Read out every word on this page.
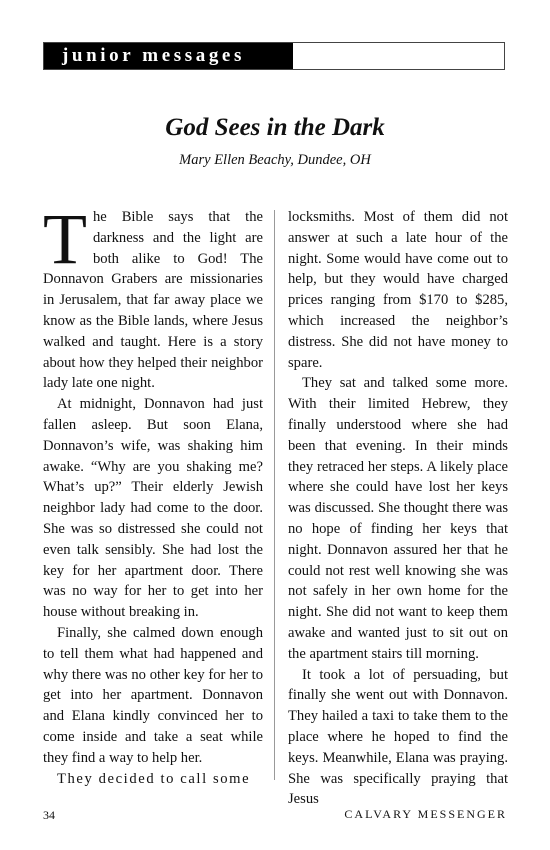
junior messages
God Sees in the Dark

Mary Ellen Beachy, Dundee, OH

The Bible says that the darkness and the light are both alike to God! The Donnavon Grabers are missionaries in Jerusalem, that far away place we know as the Bible lands, where Jesus walked and taught. Here is a story about how they helped their neighbor lady late one night.

At midnight, Donnavon had just fallen asleep. But soon Elana, Donnavon’s wife, was shaking him awake. “Why are you shaking me? What’s up?” Their elderly Jewish neighbor lady had come to the door. She was so distressed she could not even talk sensibly. She had lost the key for her apartment door. There was no way for her to get into her house without breaking in.

Finally, she calmed down enough to tell them what had happened and why there was no other key for her to get into her apartment. Donnavon and Elana kindly convinced her to come inside and take a seat while they find a way to help her.

They decided to call some

locksmiths. Most of them did not answer at such a late hour of the night. Some would have come out to help, but they would have charged prices ranging from $170 to $285, which increased the neighbor’s distress. She did not have money to spare.

They sat and talked some more. With their limited Hebrew, they finally understood where she had been that evening. In their minds they retraced her steps. A likely place where she could have lost her keys was discussed. She thought there was no hope of finding her keys that night. Donnavon assured her that he could not rest well knowing she was not safely in her own home for the night. She did not want to keep them awake and wanted just to sit out on the apartment stairs till morning.

It took a lot of persuading, but finally she went out with Donnavon. They hailed a taxi to take them to the place where he hoped to find the keys. Meanwhile, Elana was praying. She was specifically praying that Jesus

34	CALVARY MESSENGER
